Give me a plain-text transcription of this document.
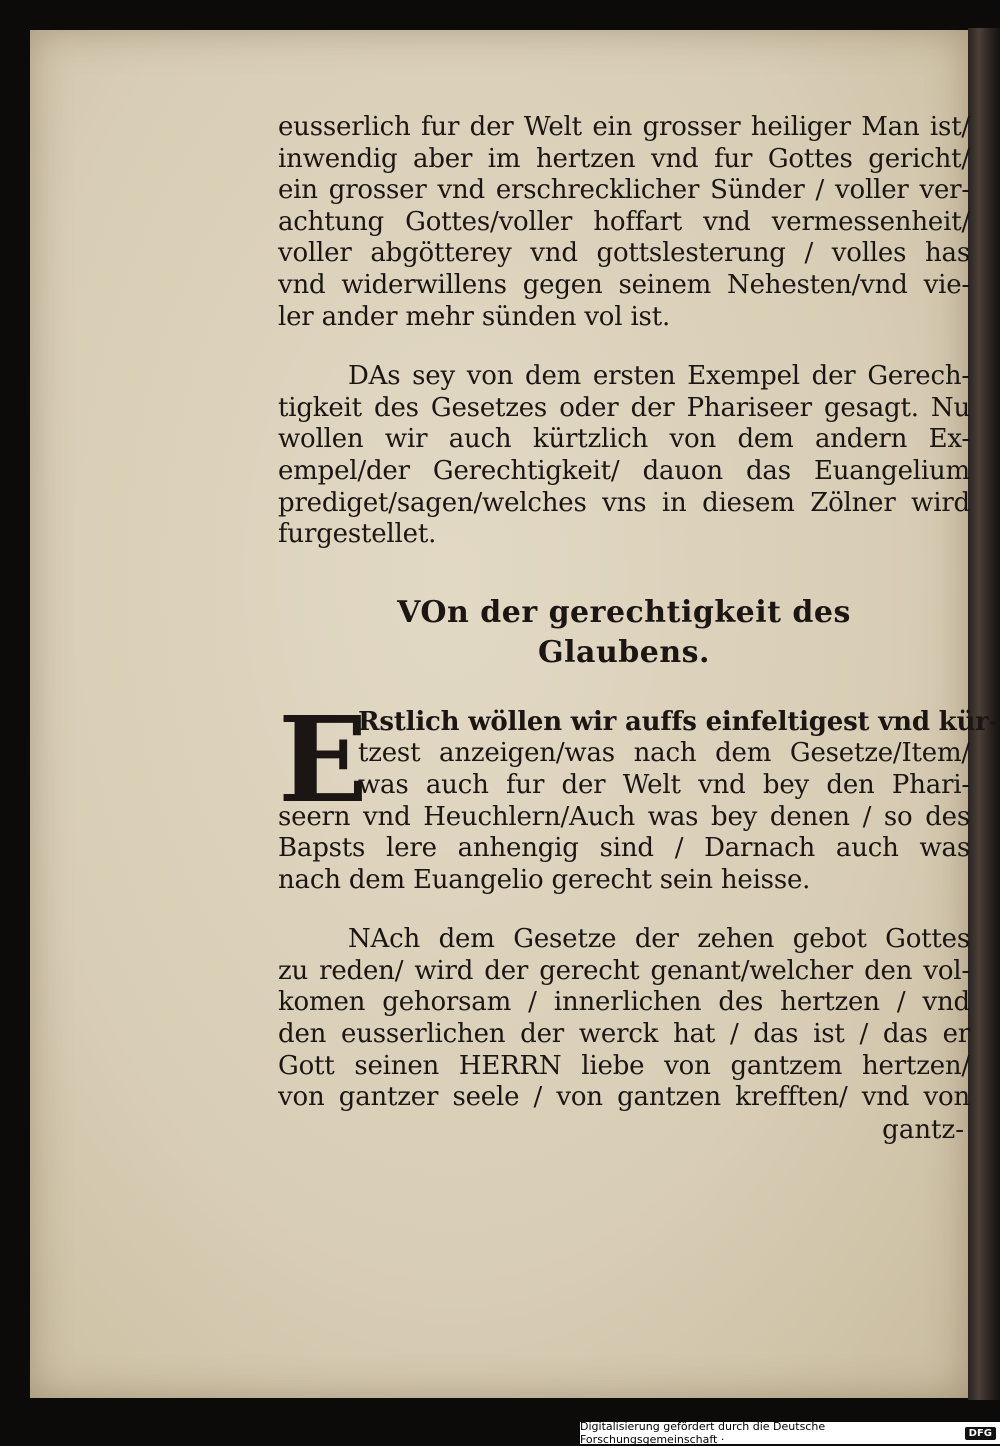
eusserlich fur der Welt ein grosser heiliger Man ist/
inwendig aber im hertzen vnd fur Gottes gericht/
ein grosser vnd erschrecklicher Sünder / voller ver-
achtung Gottes/voller hoffart vnd vermessenheit/
voller abgötterey vnd gottslesterung / volles has
vnd widerwillens gegen seinem Nehesten/vnd vie-
ler ander mehr sünden vol ist.
DAs sey von dem ersten Exempel der Gerech-
tigkeit des Gesetzes oder der Phariseer gesagt. Nu
wollen wir auch kürtzlich von dem andern Ex-
empel/der Gerechtigkeit/ dauon das Euangelium
prediget/sagen/welches vns in diesem Zölner wird
furgestellet.
VOn der gerechtigkeit des
Glaubens.
E
Rstlich wöllen wir auffs einfeltigest vnd kür-
tzest anzeigen/was nach dem Gesetze/Item/
was auch fur der Welt vnd bey den Phari-
seern vnd Heuchlern/Auch was bey denen / so des
Bapsts lere anhengig sind / Darnach auch was
nach dem Euangelio gerecht sein heisse.
NAch dem Gesetze der zehen gebot Gottes
zu reden/ wird der gerecht genant/welcher den vol-
komen gehorsam / innerlichen des hertzen / vnd
den eusserlichen der werck hat / das ist / das er
Gott seinen HERRN liebe von gantzem hertzen/
von gantzer seele / von gantzen krefften/ vnd von
gantz-
Digitalisierung gefördert durch die Deutsche Forschungsgemeinschaft ·	DFG
